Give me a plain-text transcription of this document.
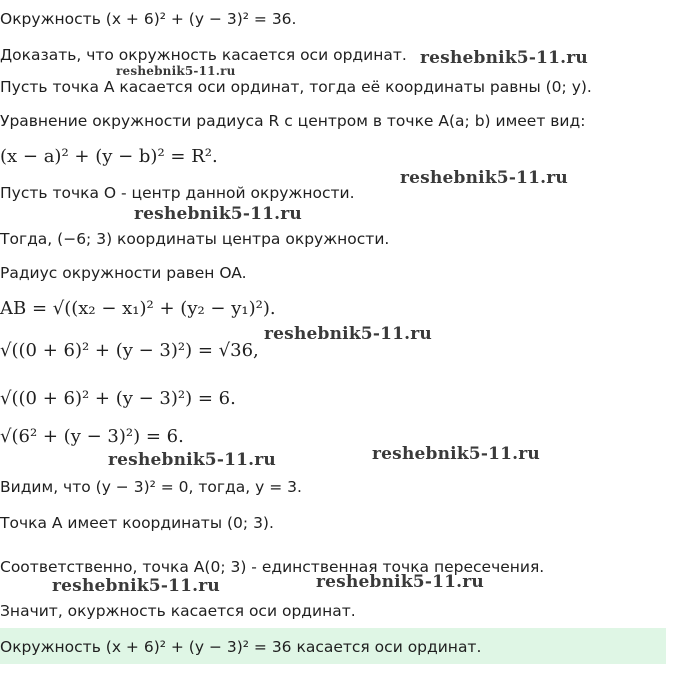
Окружность (x + 6)² + (y − 3)² = 36.
Доказать, что окружность касается оси ординат.
Пусть точка A касается оси ординат, тогда её координаты равны (0; y).
Уравнение окружности радиуса R с центром в точке A(a; b) имеет вид:
(x − a)² + (y − b)² = R².
Пусть точка O - центр данной окружности.
Тогда, (−6; 3) координаты центра окружности.
Радиус окружности равен OA.
AB = √((x₂ − x₁)² + (y₂ − y₁)²).
√((0 + 6)² + (y − 3)²) = √36,
√((0 + 6)² + (y − 3)²) = 6.
√(6² + (y − 3)²) = 6.
Видим, что (y − 3)² = 0, тогда, y = 3.
Точка A имеет координаты (0; 3).
Соответственно, точка A(0; 3) - единственная точка пересечения.
Значит, окуржность касается оси ординат.
Окружность (x + 6)² + (y − 3)² = 36 касается оси ординат.
reshebnik5-11.ru
reshebnik5-11.ru
reshebnik5-11.ru
reshebnik5-11.ru
reshebnik5-11.ru
reshebnik5-11.ru
reshebnik5-11.ru
reshebnik5-11.ru	reshebnik5-11.ru
